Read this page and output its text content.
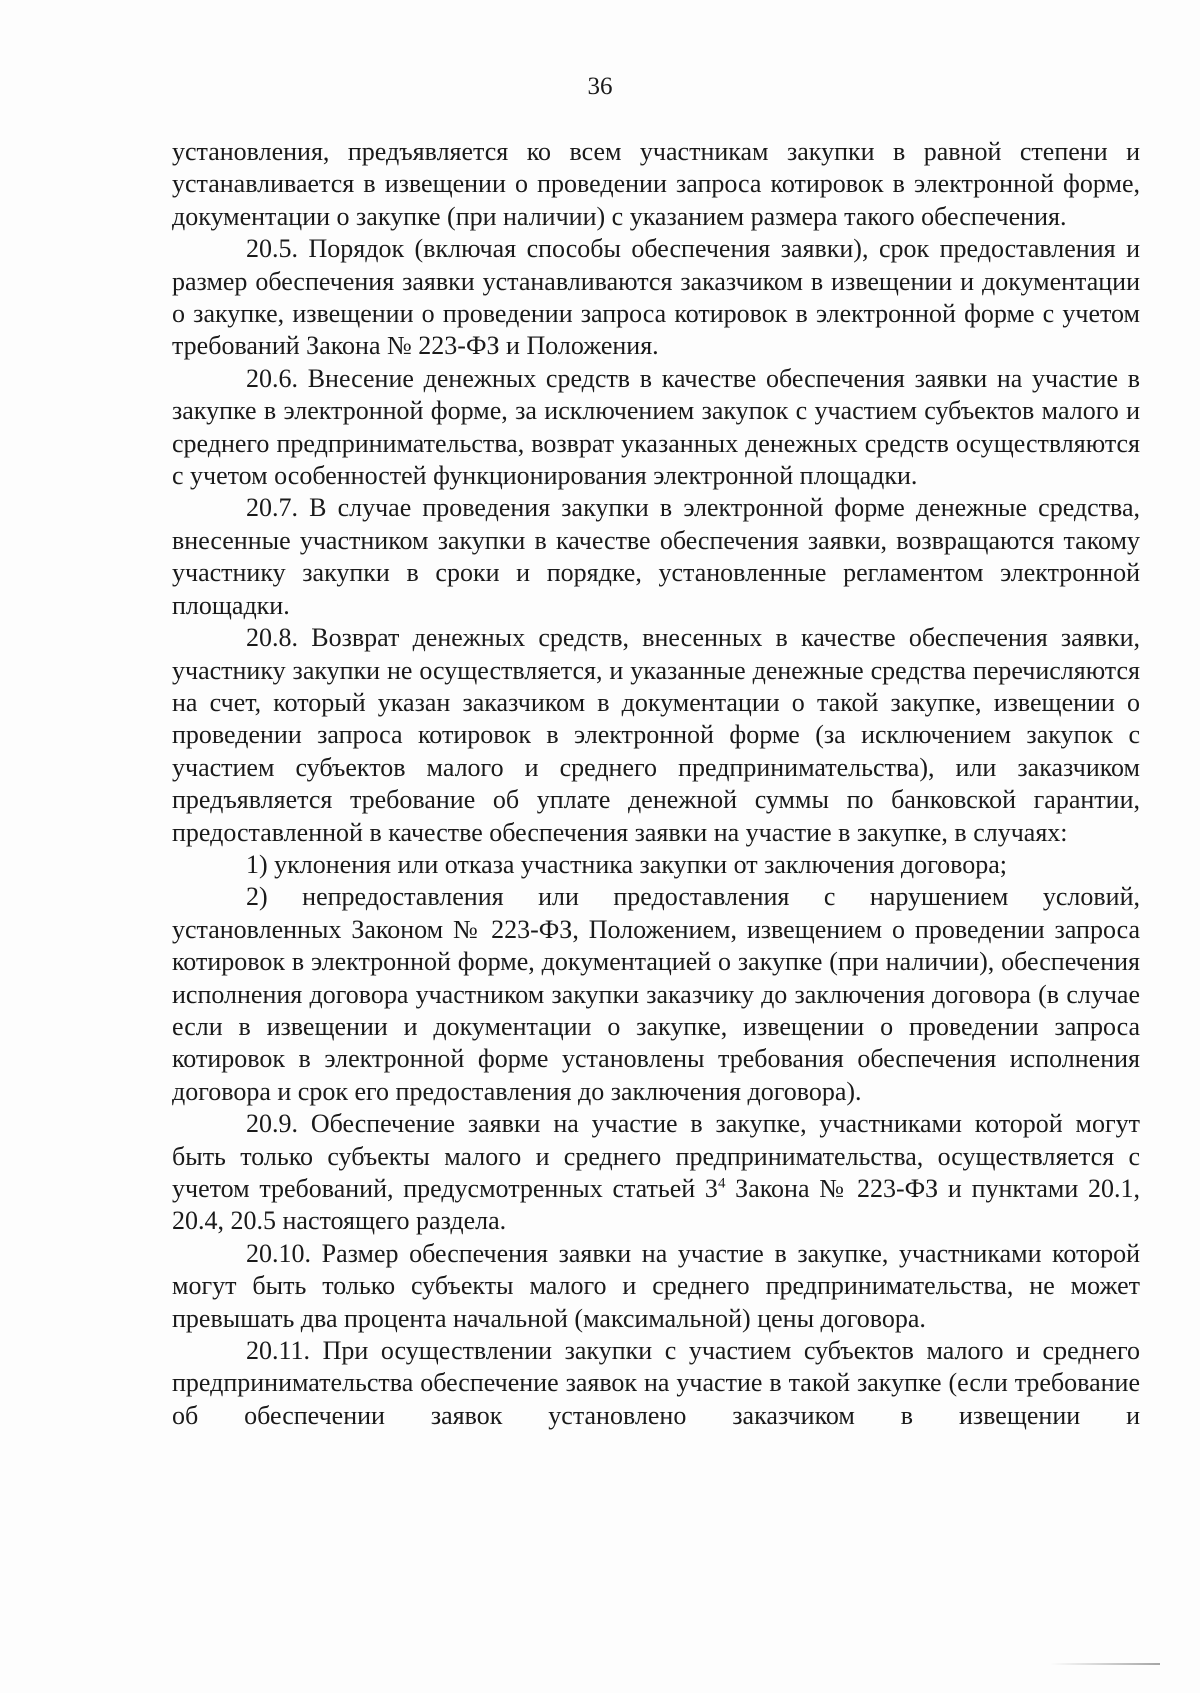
36

установления, предъявляется ко всем участникам закупки в равной степени и устанавливается в извещении о проведении запроса котировок в электронной форме, документации о закупке (при наличии) с указанием размера такого обеспечения.

20.5. Порядок (включая способы обеспечения заявки), срок предоставления и размер обеспечения заявки устанавливаются заказчиком в извещении и документации о закупке, извещении о проведении запроса котировок в электронной форме с учетом требований Закона № 223-ФЗ и Положения.

20.6. Внесение денежных средств в качестве обеспечения заявки на участие в закупке в электронной форме, за исключением закупок с участием субъектов малого и среднего предпринимательства, возврат указанных денежных средств осуществляются с учетом особенностей функционирования электронной площадки.

20.7. В случае проведения закупки в электронной форме денежные средства, внесенные участником закупки в качестве обеспечения заявки, возвращаются такому участнику закупки в сроки и порядке, установленные регламентом электронной площадки.

20.8. Возврат денежных средств, внесенных в качестве обеспечения заявки, участнику закупки не осуществляется, и указанные денежные средства перечисляются на счет, который указан заказчиком в документации о такой закупке, извещении о проведении запроса котировок в электронной форме (за исключением закупок с участием субъектов малого и среднего предпринимательства), или заказчиком предъявляется требование об уплате денежной суммы по банковской гарантии, предоставленной в качестве обеспечения заявки на участие в закупке, в случаях:

1) уклонения или отказа участника закупки от заключения договора;

2) непредоставления или предоставления с нарушением условий, установленных Законом № 223-ФЗ, Положением, извещением о проведении запроса котировок в электронной форме, документацией о закупке (при наличии), обеспечения исполнения договора участником закупки заказчику до заключения договора (в случае если в извещении и документации о закупке, извещении о проведении запроса котировок в электронной форме установлены требования обеспечения исполнения договора и срок его предоставления до заключения договора).

20.9. Обеспечение заявки на участие в закупке, участниками которой могут быть только субъекты малого и среднего предпринимательства, осуществляется с учетом требований, предусмотренных статьей $3^4$ Закона № 223-ФЗ и пунктами 20.1, 20.4, 20.5 настоящего раздела.

20.10. Размер обеспечения заявки на участие в закупке, участниками которой могут быть только субъекты малого и среднего предпринимательства, не может превышать два процента начальной (максимальной) цены договора.

20.11. При осуществлении закупки с участием субъектов малого и среднего предпринимательства обеспечение заявок на участие в такой закупке (если требование об обеспечении заявок установлено заказчиком в извещении и
